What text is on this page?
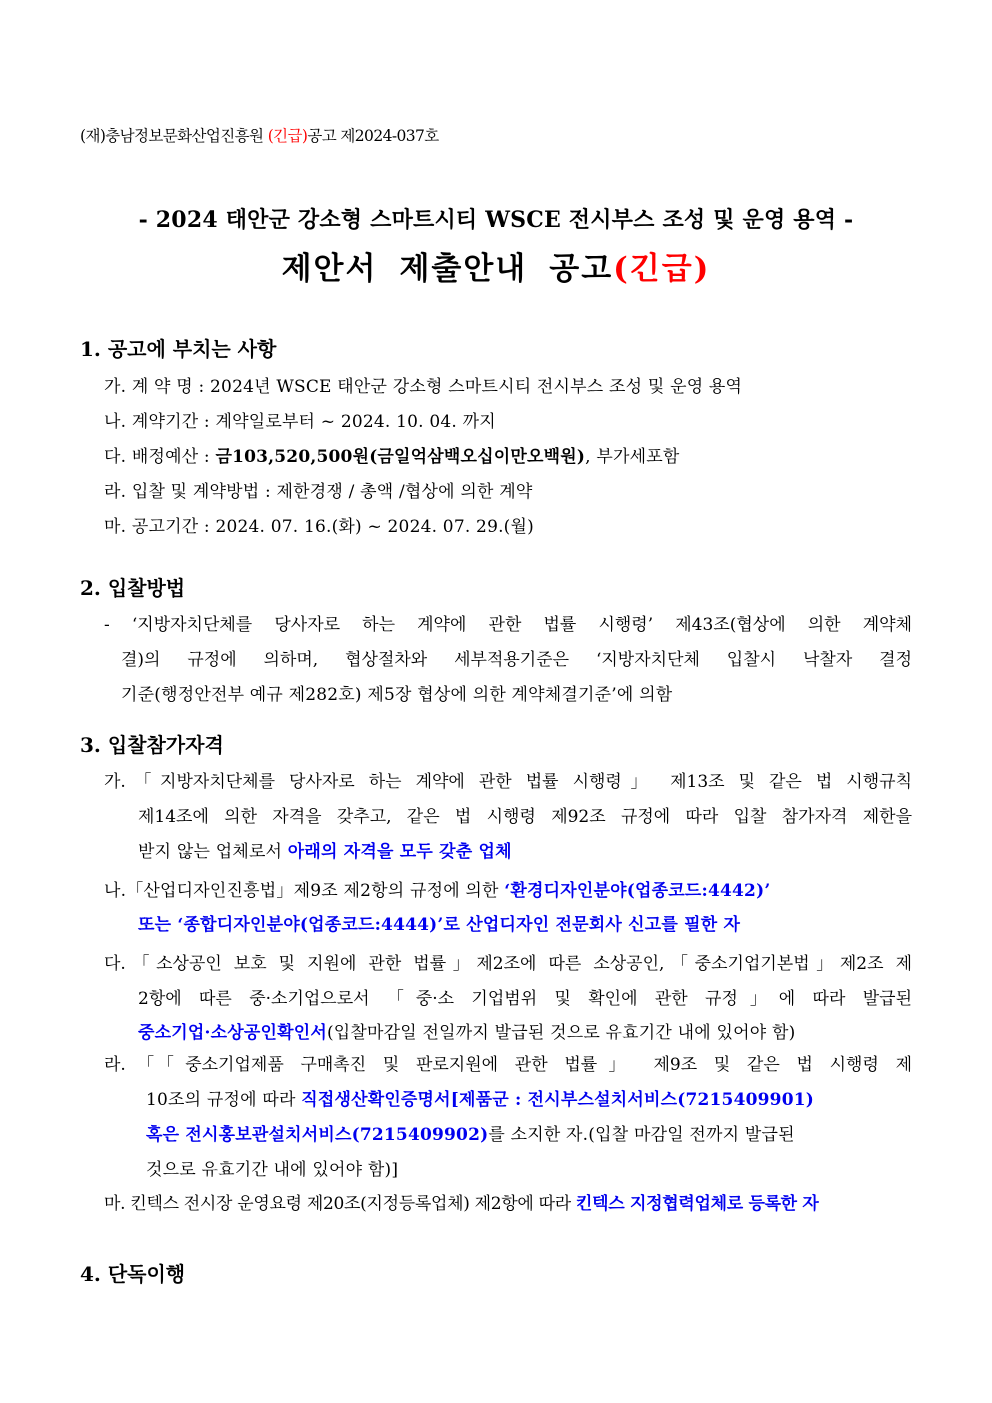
(재)충남정보문화산업진흥원 (긴급)공고 제2024-037호
- 2024 태안군 강소형 스마트시티 WSCE 전시부스 조성 및 운영 용역 -
제안서 제출안내 공고(긴급)
1. 공고에 부치는 사항
가. 계 약 명 : 2024년 WSCE 태안군 강소형 스마트시티 전시부스 조성 및 운영 용역
나. 계약기간 : 계약일로부터 ~ 2024. 10. 04. 까지
다. 배정예산 : 금103,520,500원(금일억삼백오십이만오백원), 부가세포함
라. 입찰 및 계약방법 : 제한경쟁 / 총액 /협상에 의한 계약
마. 공고기간 : 2024. 07. 16.(화) ~ 2024. 07. 29.(월)
2. 입찰방법
- ‘지방자치단체를 당사자로 하는 계약에 관한 법률 시행령’ 제43조(협상에 의한 계약체
결)의 규정에 의하며, 협상절차와 세부적용기준은 ‘지방자치단체 입찰시 낙찰자 결정
기준(행정안전부 예규 제282호) 제5장 협상에 의한 계약체결기준’에 의함
3. 입찰참가자격
가.「지방자치단체를 당사자로 하는 계약에 관한 법률 시행령」 제13조 및 같은 법 시행규칙
제14조에 의한 자격을 갖추고, 같은 법 시행령 제92조 규정에 따라 입찰 참가자격 제한을
받지 않는 업체로서 아래의 자격을 모두 갖춘 업체
나.「산업디자인진흥법」제9조 제2항의 규정에 의한 ‘환경디자인분야(업종코드:4442)’
또는 ‘종합디자인분야(업종코드:4444)’로 산업디자인 전문회사 신고를 필한 자
다.「소상공인 보호 및 지원에 관한 법률」제2조에 따른 소상공인,「중소기업기본법」제2조 제
2항에 따른 중·소기업으로서 「중·소 기업범위 및 확인에 관한 규정」에 따라 발급된
중소기업·소상공인확인서(입찰마감일 전일까지 발급된 것으로 유효기간 내에 있어야 함)
라.「「중소기업제품 구매촉진 및 판로지원에 관한 법률」 제9조 및 같은 법 시행령 제
10조의 규정에 따라 직접생산확인증명서[제품군 : 전시부스설치서비스(7215409901)
혹은 전시홍보관설치서비스(7215409902)를 소지한 자.(입찰 마감일 전까지 발급된
것으로 유효기간 내에 있어야 함)]
마. 킨텍스 전시장 운영요령 제20조(지정등록업체) 제2항에 따라 킨텍스 지정협력업체로 등록한 자
4. 단독이행
